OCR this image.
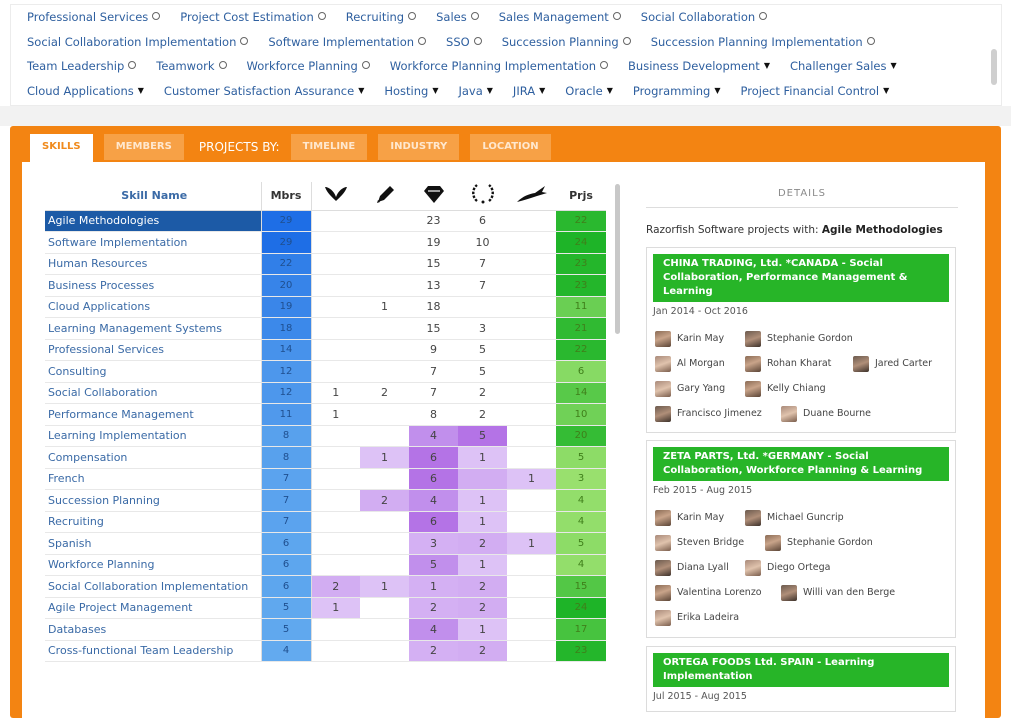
Professional Services	Project Cost Estimation	Recruiting	Sales	Sales Management	Social Collaboration
Social Collaboration Implementation	Software Implementation	SSO	Succession Planning	Succession Planning Implementation
Team Leadership	Teamwork	Workforce Planning	Workforce Planning Implementation	Business Development ▼ Challenger Sales ▼
Cloud Applications ▼ Customer Satisfaction Assurance ▼ Hosting ▼ Java ▼ JIRA ▼ Oracle ▼ Programming ▼ Project Financial Control ▼
SKILLS	MEMBERS PROJECTS BY: TIMELINE	INDUSTRY	LOCATION
Skill Name	Mbrs						Prjs
Agile Methodologies	29			23	6		22
Software Implementation	29			19	10		24
Human Resources	22			15	7		23
Business Processes	20			13	7		23
Cloud Applications	19		1	18			11
Learning Management Systems	18			15	3		21
Professional Services	14			9	5		22
Consulting	12			7	5		6
Social Collaboration	12	1	2	7	2		14
Performance Management	11	1		8	2		10
Learning Implementation	8			4	5		20
Compensation	8		1	6	1		5
French	7			6		1	3
Succession Planning	7		2	4	1		4
Recruiting	7			6	1		4
Spanish	6			3	2	1	5
Workforce Planning	6			5	1		4
Social Collaboration Implementation	6	2	1	1	2		15
Agile Project Management	5	1		2	2		24
Databases	5			4	1		17
Cross-functional Team Leadership	4			2	2		23
DETAILS
Razorfish Software projects with: Agile Methodologies
CHINA TRADING, Ltd. *CANADA - Social Collaboration, Performance Management & Learning
Jan 2014 - Oct 2016
Karin May	Stephanie Gordon
Al Morgan	Rohan Kharat	Jared Carter
Gary Yang	Kelly Chiang
Francisco Jimenez	Duane Bourne
ZETA PARTS, Ltd. *GERMANY - Social Collaboration, Workforce Planning & Learning
Feb 2015 - Aug 2015
Karin May	Michael Guncrip
Steven Bridge	Stephanie Gordon
Diana Lyall	Diego Ortega
Valentina Lorenzo	Willi van den Berge
Erika Ladeira
ORTEGA FOODS Ltd. SPAIN - Learning Implementation
Jul 2015 - Aug 2015
